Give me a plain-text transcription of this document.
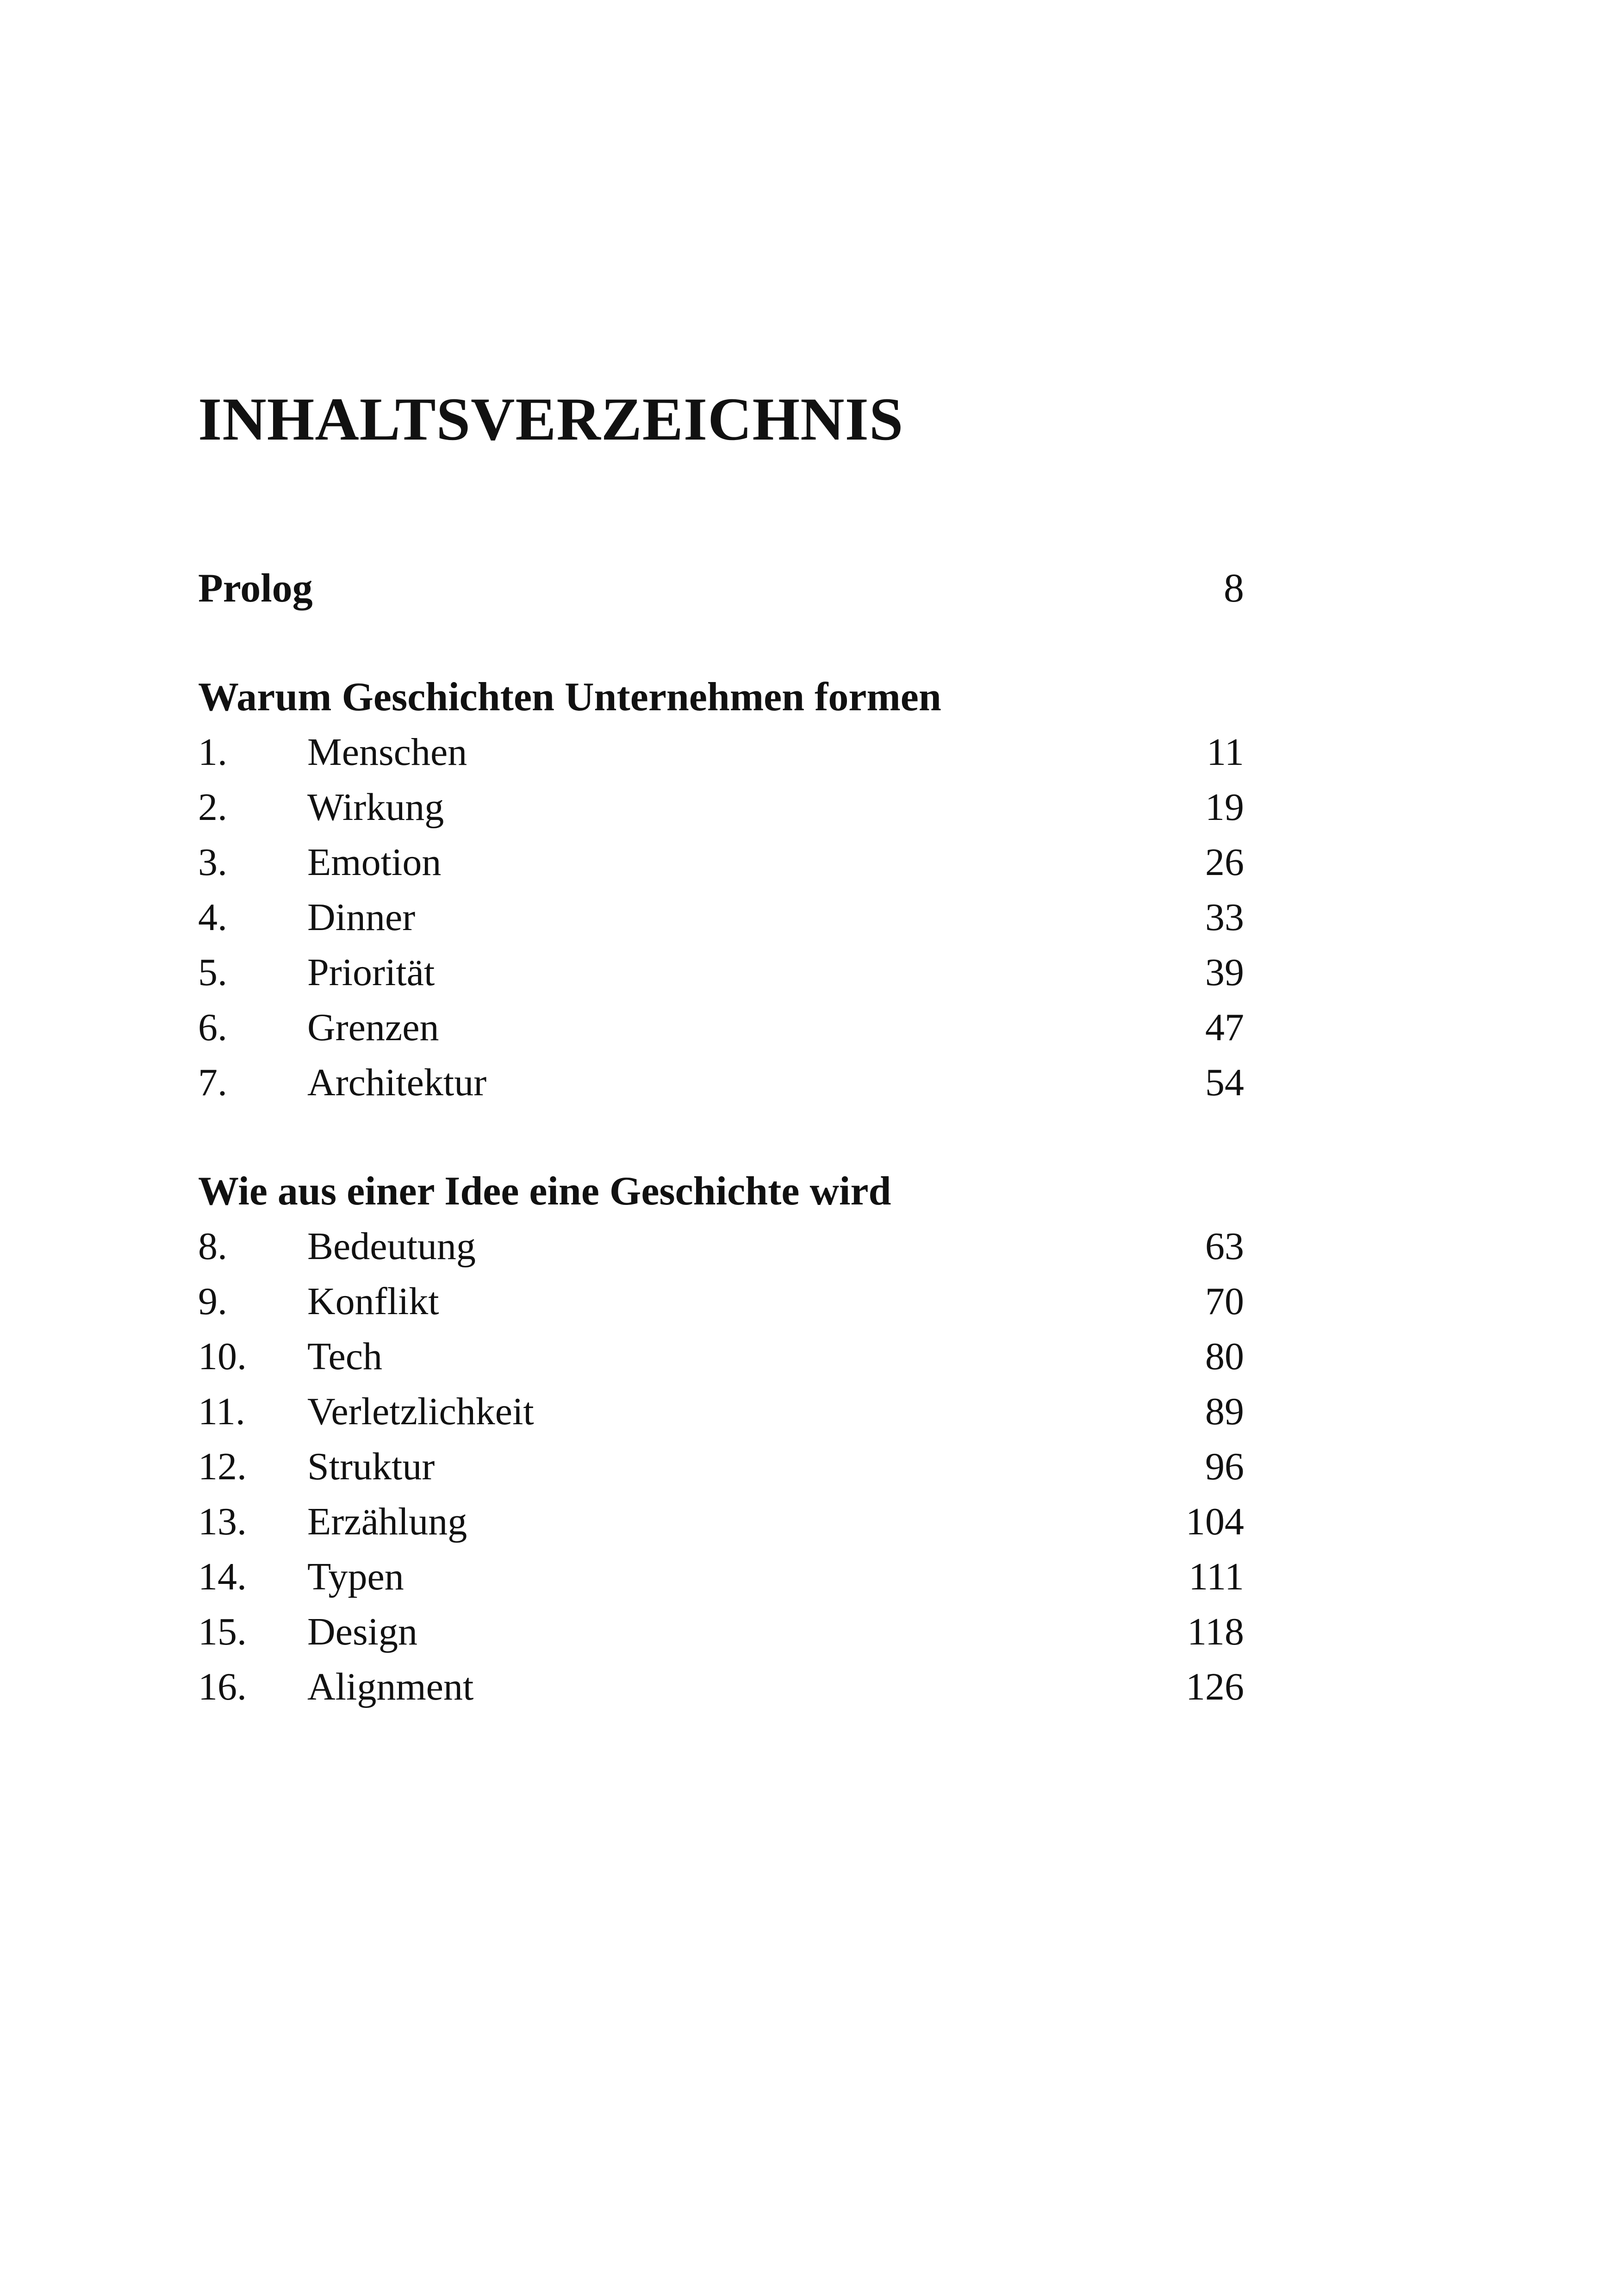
INHALTSVERZEICHNIS
Prolog	8
Warum Geschichten Unternehmen formen
1. Menschen	11
2. Wirkung	19
3. Emotion	26
4. Dinner	33
5. Priorität	39
6. Grenzen	47
7. Architektur	54
Wie aus einer Idee eine Geschichte wird
8. Bedeutung	63
9. Konflikt	70
10. Tech	80
11. Verletzlichkeit	89
12. Struktur	96
13. Erzählung	104
14. Typen	111
15. Design	118
16. Alignment	126
